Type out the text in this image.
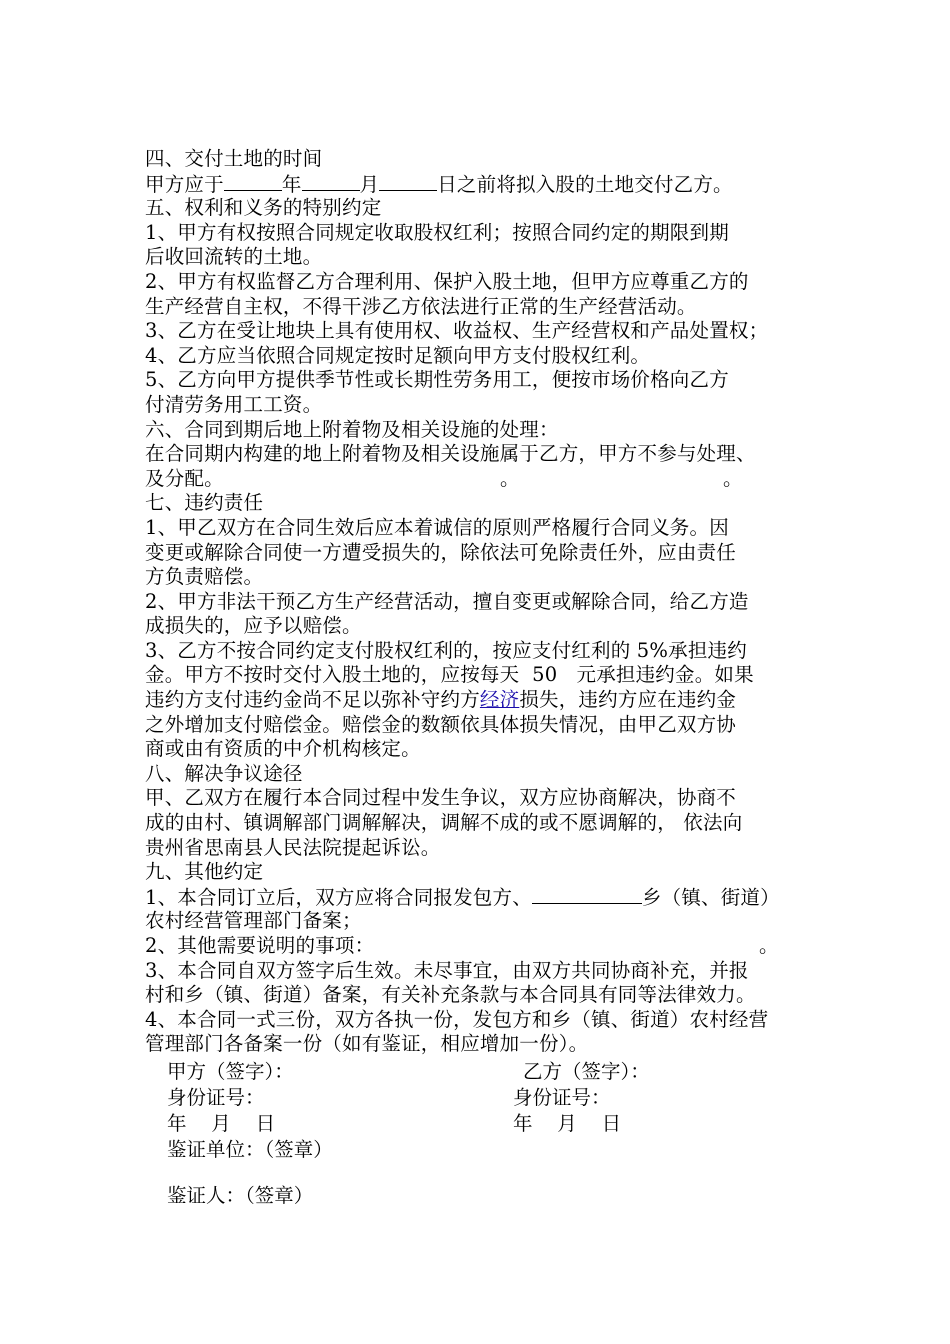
四、交付土地的时间
甲方应于	年	月	日之前将拟入股的土地交付乙方。
五、权利和义务的特别约定
1、甲方有权按照合同规定收取股权红利；按照合同约定的期限到期
后收回流转的土地。
2、甲方有权监督乙方合理利用、保护入股土地，但甲方应尊重乙方的
生产经营自主权，不得干涉乙方依法进行正常的生产经营活动。
3、乙方在受让地块上具有使用权、收益权、生产经营权和产品处置权；
4、乙方应当依照合同规定按时足额向甲方支付股权红利。
5、乙方向甲方提供季节性或长期性劳务用工，便按市场价格向乙方
付清劳务用工工资。
六、合同到期后地上附着物及相关设施的处理：
在合同期内构建的地上附着物及相关设施属于乙方，甲方不参与处理、
及分配。	。	。
七、违约责任
1、甲乙双方在合同生效后应本着诚信的原则严格履行合同义务。因
变更或解除合同使一方遭受损失的，除依法可免除责任外，应由责任
方负责赔偿。
2、甲方非法干预乙方生产经营活动，擅自变更或解除合同，给乙方造
成损失的，应予以赔偿。
3、乙方不按合同约定支付股权红利的，按应支付红利的 5%承担违约
金。甲方不按时交付入股土地的，应按每天  50   元承担违约金。如果
违约方支付违约金尚不足以弥补守约方经济损失，违约方应在违约金
之外增加支付赔偿金。赔偿金的数额依具体损失情况，由甲乙双方协
商或由有资质的中介机构核定。
八、解决争议途径
甲、乙双方在履行本合同过程中发生争议，双方应协商解决，协商不
成的由村、镇调解部门调解解决，调解不成的或不愿调解的， 依法向
贵州省思南县人民法院提起诉讼。
九、其他约定
1、本合同订立后，双方应将合同报发包方、	乡（镇、街道）
农村经营管理部门备案；
2、其他需要说明的事项：	。
3、本合同自双方签字后生效。未尽事宜，由双方共同协商补充，并报
村和乡（镇、街道）备案，有关补充条款与本合同具有同等法律效力。
4、本合同一式三份，双方各执一份，发包方和乡（镇、街道）农村经营
管理部门各备案一份（如有鉴证，相应增加一份）。
甲方（签字）：	乙方（签字）：
身份证号：	身份证号：
年    月    日	年    月    日
鉴证单位：（签章）
鉴证人：（签章）
